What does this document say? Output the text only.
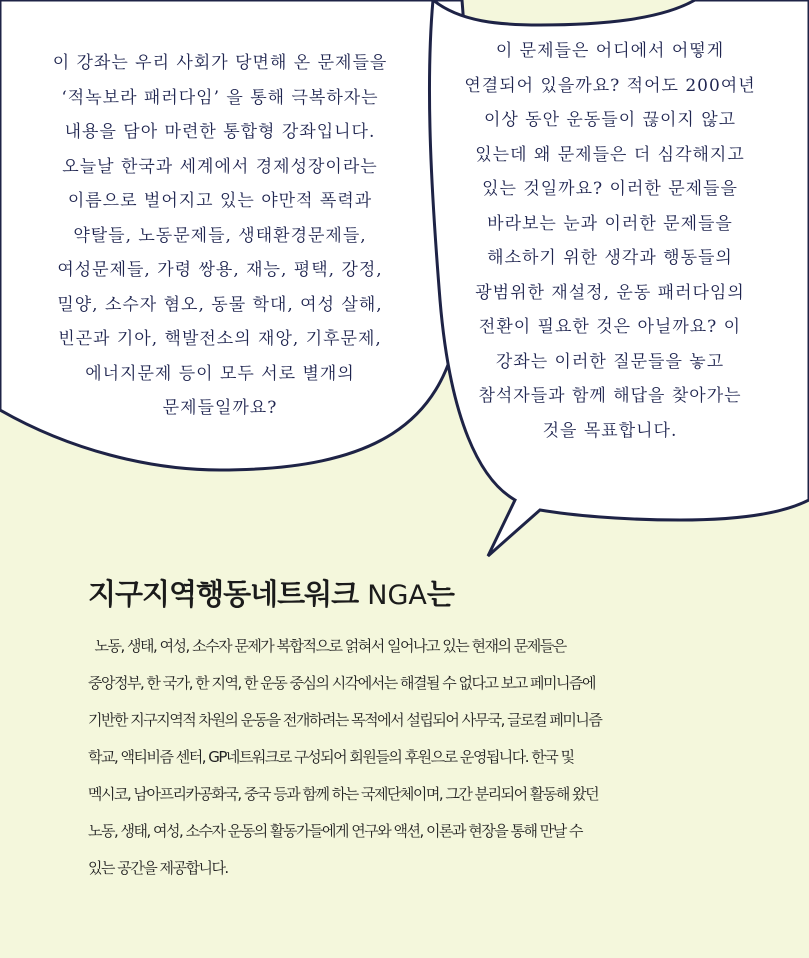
이 강좌는 우리 사회가 당면해 온 문제들을
‘적녹보라 패러다임’ 을 통해 극복하자는
내용을 담아 마련한 통합형 강좌입니다.
오늘날 한국과 세계에서 경제성장이라는
이름으로 벌어지고 있는 야만적 폭력과
약탈들, 노동문제들, 생태환경문제들,
여성문제들, 가령 쌍용, 재능, 평택, 강정,
밀양, 소수자 혐오, 동물 학대, 여성 살해,
빈곤과 기아, 핵발전소의 재앙, 기후문제,
에너지문제 등이 모두 서로 별개의
문제들일까요?
이 문제들은 어디에서 어떻게
연결되어 있을까요? 적어도 200여년
이상 동안 운동들이 끊이지 않고
있는데 왜 문제들은 더 심각해지고
있는 것일까요? 이러한 문제들을
바라보는 눈과 이러한 문제들을
해소하기 위한 생각과 행동들의
광범위한 재설정, 운동 패러다임의
전환이 필요한 것은 아닐까요? 이
강좌는 이러한 질문들을 놓고
참석자들과 함께 해답을 찾아가는
것을 목표합니다.
지구지역행동네트워크 NGA는
노동, 생태, 여성, 소수자 문제가 복합적으로 얽혀서 일어나고 있는 현재의 문제들은
중앙정부, 한 국가, 한 지역, 한 운동 중심의 시각에서는 해결될 수 없다고 보고 페미니즘에
기반한 지구지역적 차원의 운동을 전개하려는 목적에서 설립되어 사무국, 글로컬 페미니즘
학교, 액티비즘 센터, GP네트워크로 구성되어 회원들의 후원으로 운영됩니다. 한국 및
멕시코, 남아프리카공화국, 중국 등과 함께 하는 국제단체이며, 그간 분리되어 활동해 왔던
노동, 생태, 여성, 소수자 운동의 활동가들에게 연구와 액션, 이론과 현장을 통해 만날 수
있는 공간을 제공합니다.
